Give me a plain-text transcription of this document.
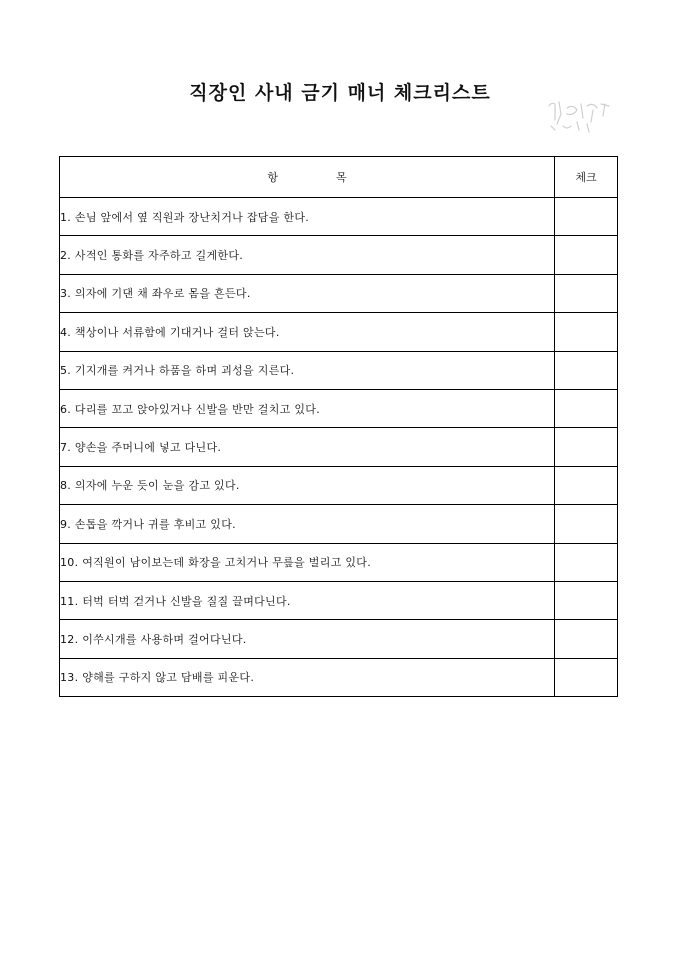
직장인 사내 금기 매너 체크리스트
항 목	체크
1. 손님 앞에서 옆 직원과 장난치거나 잡담을 한다.	
2. 사적인 통화를 자주하고 길게한다.	
3. 의자에 기댄 채 좌우로 몸을 흔든다.	
4. 책상이나 서류함에 기대거나 걸터 앉는다.	
5. 기지개를 켜거나 하품을 하며 괴성을 지른다.	
6. 다리를 꼬고 앉아있거나 신발을 반만 걸치고 있다.	
7. 양손을 주머니에 넣고 다닌다.	
8. 의자에 누운 듯이 눈을 감고 있다.	
9. 손톱을 깍거나 귀를 후비고 있다.	
10. 여직원이 남이보는데 화장을 고치거나 무릎을 벌리고 있다.	
11. 터벅 터벅 걷거나 신발을 질질 끌며다닌다.	
12. 이쑤시개를 사용하며 걸어다닌다.	
13. 양해를 구하지 않고 담배를 피운다.	
